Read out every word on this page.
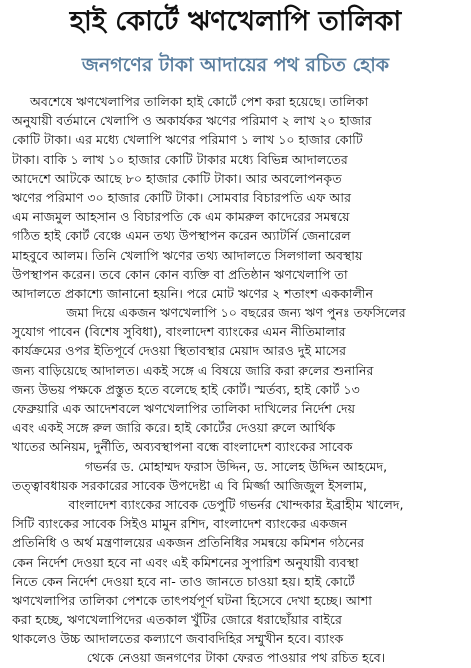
হাই কোর্টে ঋণখেলাপি তালিকা
জনগণের টাকা আদায়ের পথ রচিত হোক
অবশেষে ঋণখেলাপির তালিকা হাই কোর্টে পেশ করা হয়েছে। তালিকা
অনুযায়ী বর্তমানে খেলাপি ও অকার্যকর ঋণের পরিমাণ ২ লাখ ২০ হাজার
কোটি টাকা। এর মধ্যে খেলাপি ঋণের পরিমাণ ১ লাখ ১০ হাজার কোটি
টাকা। বাকি ১ লাখ ১০ হাজার কোটি টাকার মধ্যে বিভিন্ন আদালতের
আদেশে আটকে আছে ৮০ হাজার কোটি টাকা। আর অবলোপনকৃত
ঋণের পরিমাণ ৩০ হাজার কোটি টাকা। সোমবার বিচারপতি এফ আর
এম নাজমুল আহসান ও বিচারপতি কে এম কামরুল কাদেরের সমন্বয়ে
গঠিত হাই কোর্ট বেঞ্চে এমন তথ্য উপস্থাপন করেন অ্যাটর্নি জেনারেল
মাহবুবে আলম। তিনি খেলাপি ঋণের তথ্য আদালতে সিলগালা অবস্থায়
উপস্থাপন করেন। তবে কোন কোন ব্যক্তি বা প্রতিষ্ঠান ঋণখেলাপি তা
আদালতে প্রকাশ্যে জানানো হয়নি। পরে মোট ঋণের ২ শতাংশ এককালীন
জমা দিয়ে একজন ঋণখেলাপি ১০ বছরের জন্য ঋণ পুনঃ তফসিলের
সুযোগ পাবেন (বিশেষ সুবিধা), বাংলাদেশ ব্যাংকের এমন নীতিমালার
কার্যক্রমের ওপর ইতিপূর্বে দেওয়া স্থিতাবস্থার মেয়াদ আরও দুই মাসের
জন্য বাড়িয়েছে আদালত। একই সঙ্গে এ বিষয়ে জারি করা রুলের শুনানির
জন্য উভয় পক্ষকে প্রস্তুত হতে বলেছে হাই কোর্ট। স্মর্তব্য, হাই কোর্ট ১৩
ফেব্রুয়ারি এক আদেশবলে ঋণখেলাপির তালিকা দাখিলের নির্দেশ দেয়
এবং একই সঙ্গে রুল জারি করে। হাই কোর্টের দেওয়া রুলে আর্থিক
খাতের অনিয়ম, দুর্নীতি, অব্যবস্থাপনা বন্ধে বাংলাদেশ ব্যাংকের সাবেক
গভর্নর ড. মোহাম্মদ ফরাস উদ্দিন, ড. সালেহ উদ্দিন আহমেদ,
তত্ত্বাবধায়ক সরকারের সাবেক উপদেষ্টা এ বি মির্জ্জা আজিজুল ইসলাম,
বাংলাদেশ ব্যাংকের সাবেক ডেপুটি গভর্নর খোন্দকার ইব্রাহীম খালেদ,
সিটি ব্যাংকের সাবেক সিইও মামুন রশিদ, বাংলাদেশ ব্যাংকের একজন
প্রতিনিধি ও অর্থ মন্ত্রণালয়ের একজন প্রতিনিধির সমন্বয়ে কমিশন গঠনের
কেন নির্দেশ দেওয়া হবে না এবং এই কমিশনের সুপারিশ অনুযায়ী ব্যবস্থা
নিতে কেন নির্দেশ দেওয়া হবে না- তাও জানতে চাওয়া হয়। হাই কোর্টে
ঋণখেলাপির তালিকা পেশকে তাৎপর্যপূর্ণ ঘটনা হিসেবে দেখা হচ্ছে। আশা
করা হচ্ছে, ঋণখেলাপিদের এতকাল খুঁটির জোরে ধরাছোঁয়ার বাইরে
থাকলেও উচ্চ আদালতের কল্যাণে জবাবদিহির সম্মুখীন হবে। ব্যাংক
থেকে নেওয়া জনগণের টাকা ফেরত পাওয়ার পথ রচিত হবে।
